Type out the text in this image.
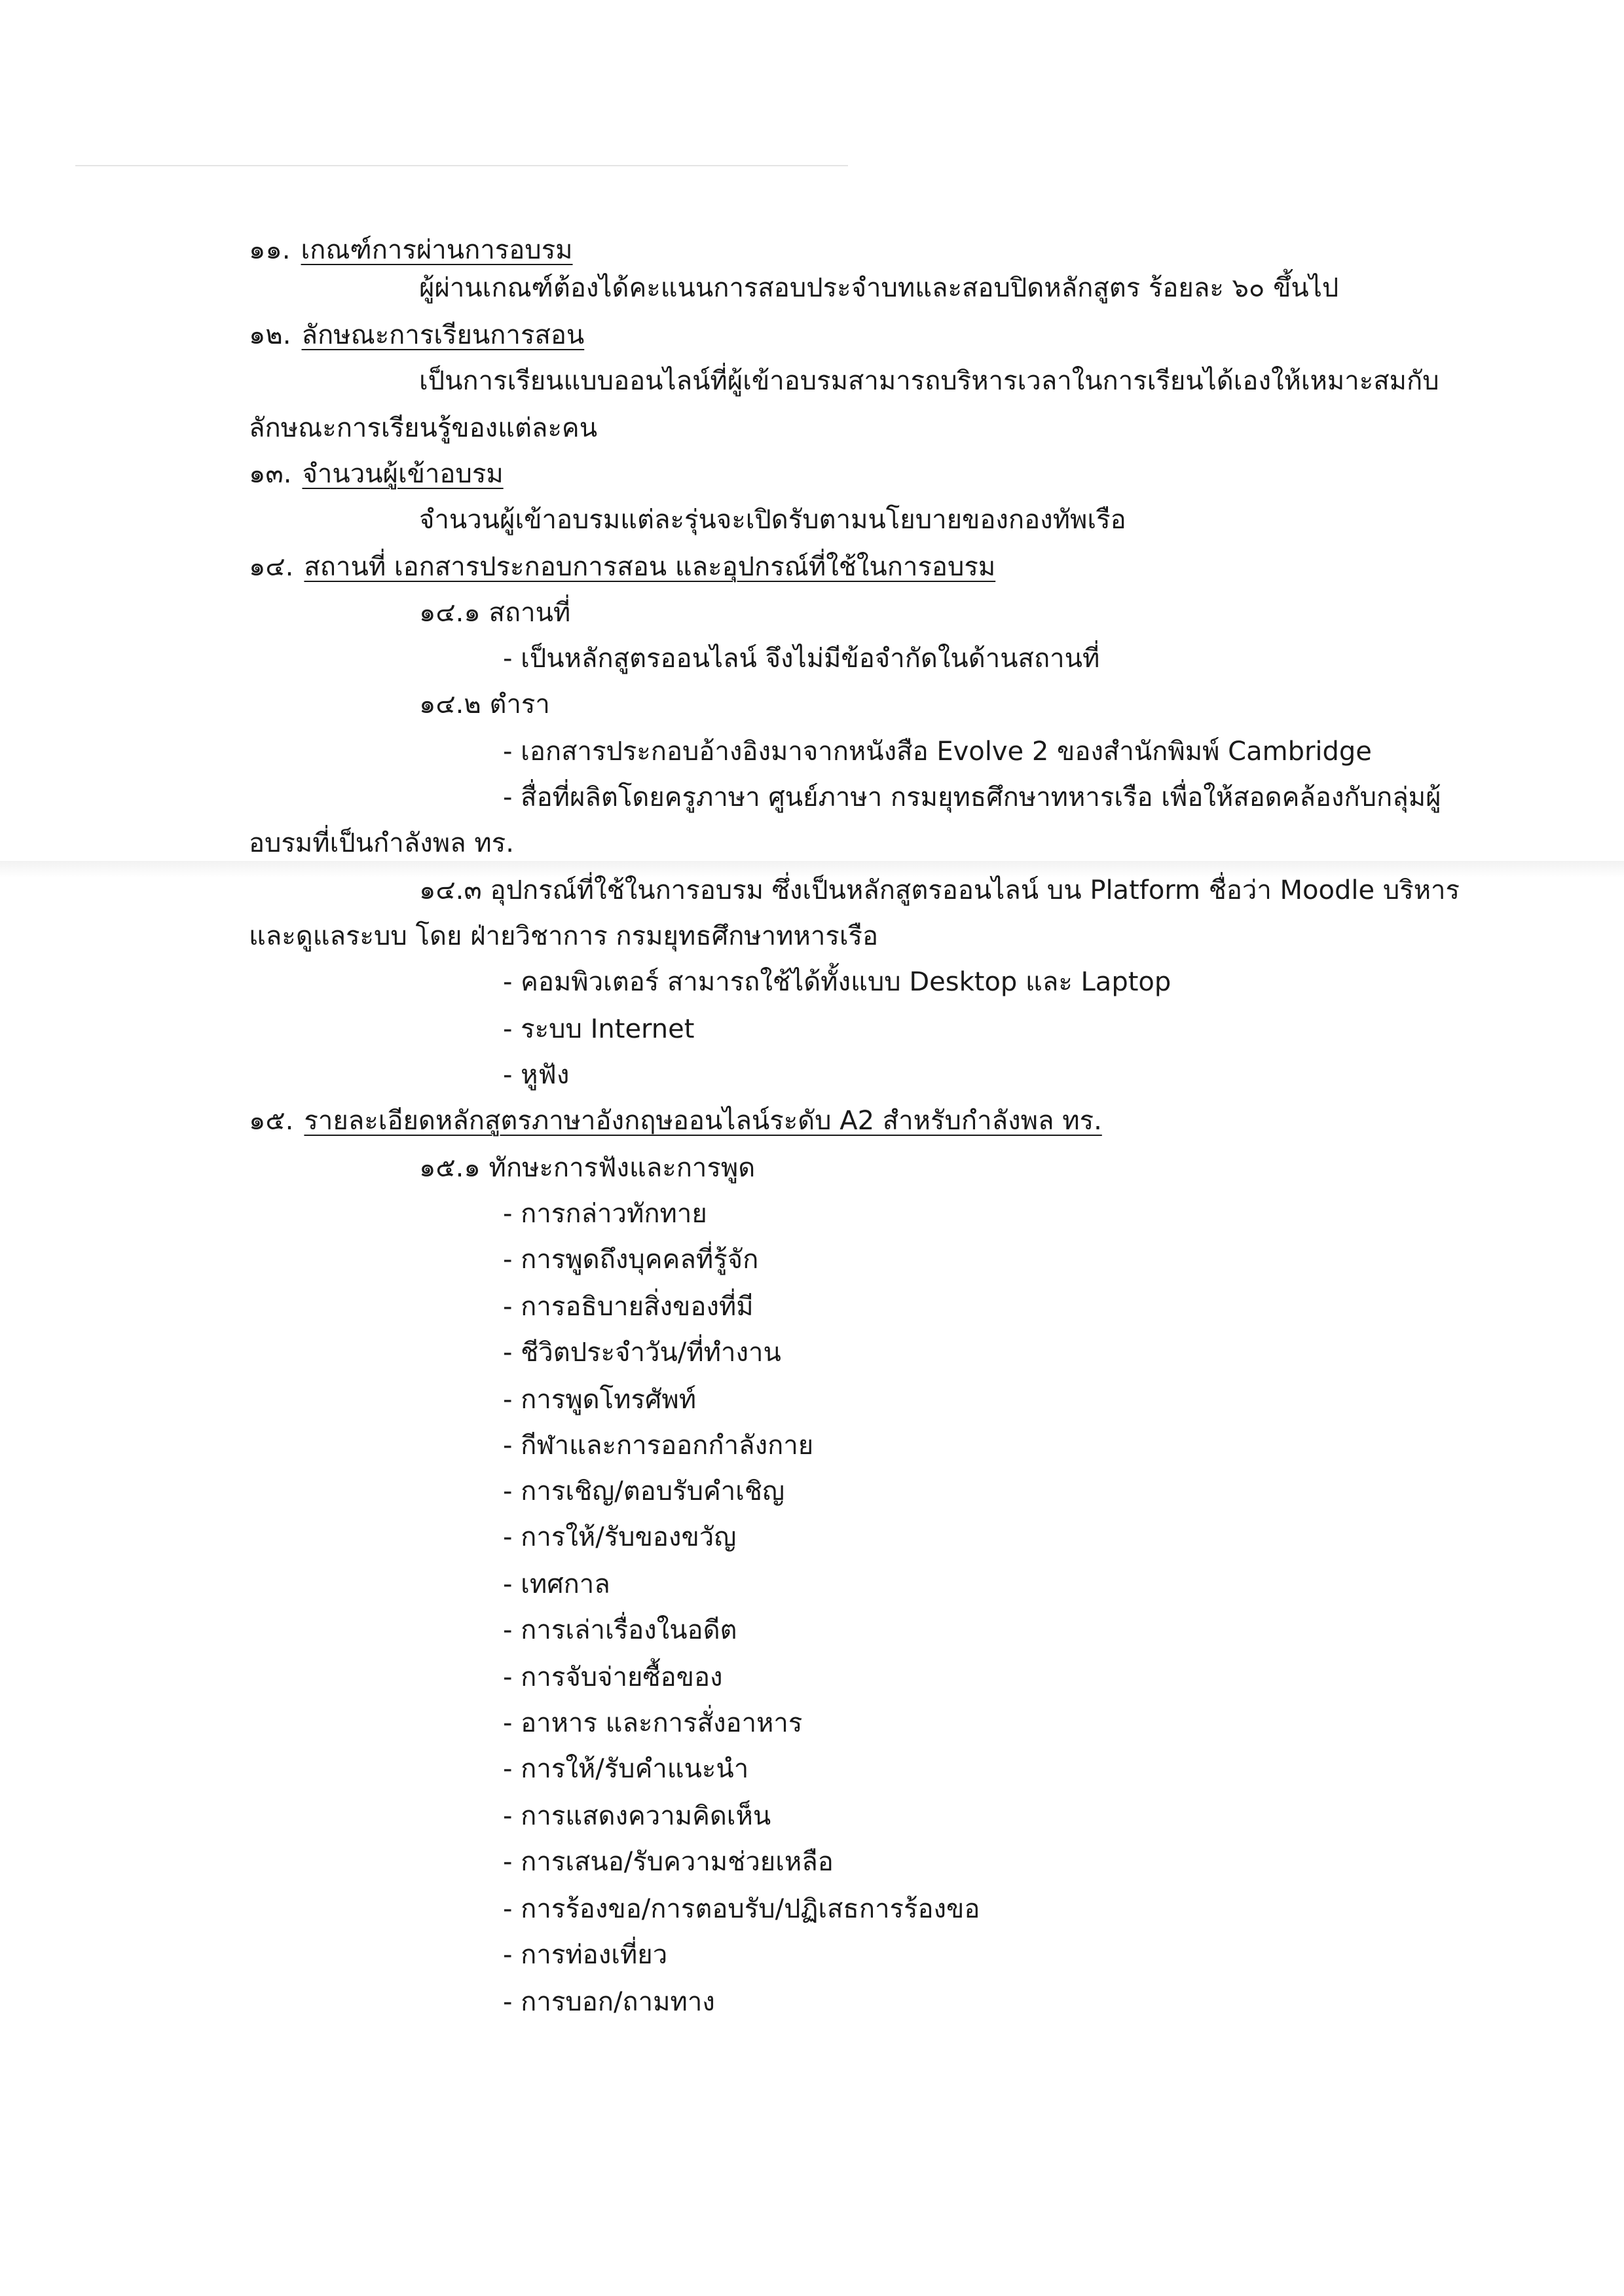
๑๑. เกณฑ์การผ่านการอบรม
ผู้ผ่านเกณฑ์ต้องได้คะแนนการสอบประจำบทและสอบปิดหลักสูตร ร้อยละ ๖๐ ขึ้นไป
๑๒. ลักษณะการเรียนการสอน
เป็นการเรียนแบบออนไลน์ที่ผู้เข้าอบรมสามารถบริหารเวลาในการเรียนได้เองให้เหมาะสมกับ
ลักษณะการเรียนรู้ของแต่ละคน
๑๓. จำนวนผู้เข้าอบรม
จำนวนผู้เข้าอบรมแต่ละรุ่นจะเปิดรับตามนโยบายของกองทัพเรือ
๑๔. สถานที่ เอกสารประกอบการสอน และอุปกรณ์ที่ใช้ในการอบรม
๑๔.๑ สถานที่
- เป็นหลักสูตรออนไลน์ จึงไม่มีข้อจำกัดในด้านสถานที่
๑๔.๒ ตำรา
- เอกสารประกอบอ้างอิงมาจากหนังสือ Evolve 2 ของสำนักพิมพ์ Cambridge
- สื่อที่ผลิตโดยครูภาษา ศูนย์ภาษา กรมยุทธศึกษาทหารเรือ เพื่อให้สอดคล้องกับกลุ่มผู้
อบรมที่เป็นกำลังพล ทร.
๑๔.๓ อุปกรณ์ที่ใช้ในการอบรม ซึ่งเป็นหลักสูตรออนไลน์ บน Platform ชื่อว่า Moodle บริหาร
และดูแลระบบ โดย ฝ่ายวิชาการ กรมยุทธศึกษาทหารเรือ
- คอมพิวเตอร์ สามารถใช้ได้ทั้งแบบ Desktop และ Laptop
- ระบบ Internet
- หูฟัง
๑๕. รายละเอียดหลักสูตรภาษาอังกฤษออนไลน์ระดับ A2 สำหรับกำลังพล ทร.
๑๕.๑ ทักษะการฟังและการพูด
- การกล่าวทักทาย
- การพูดถึงบุคคลที่รู้จัก
- การอธิบายสิ่งของที่มี
- ชีวิตประจำวัน/ที่ทำงาน
- การพูดโทรศัพท์
- กีฬาและการออกกำลังกาย
- การเชิญ/ตอบรับคำเชิญ
- การให้/รับของขวัญ
- เทศกาล
- การเล่าเรื่องในอดีต
- การจับจ่ายซื้อของ
- อาหาร และการสั่งอาหาร
- การให้/รับคำแนะนำ
- การแสดงความคิดเห็น
- การเสนอ/รับความช่วยเหลือ
- การร้องขอ/การตอบรับ/ปฏิเสธการร้องขอ
- การท่องเที่ยว
- การบอก/ถามทาง
